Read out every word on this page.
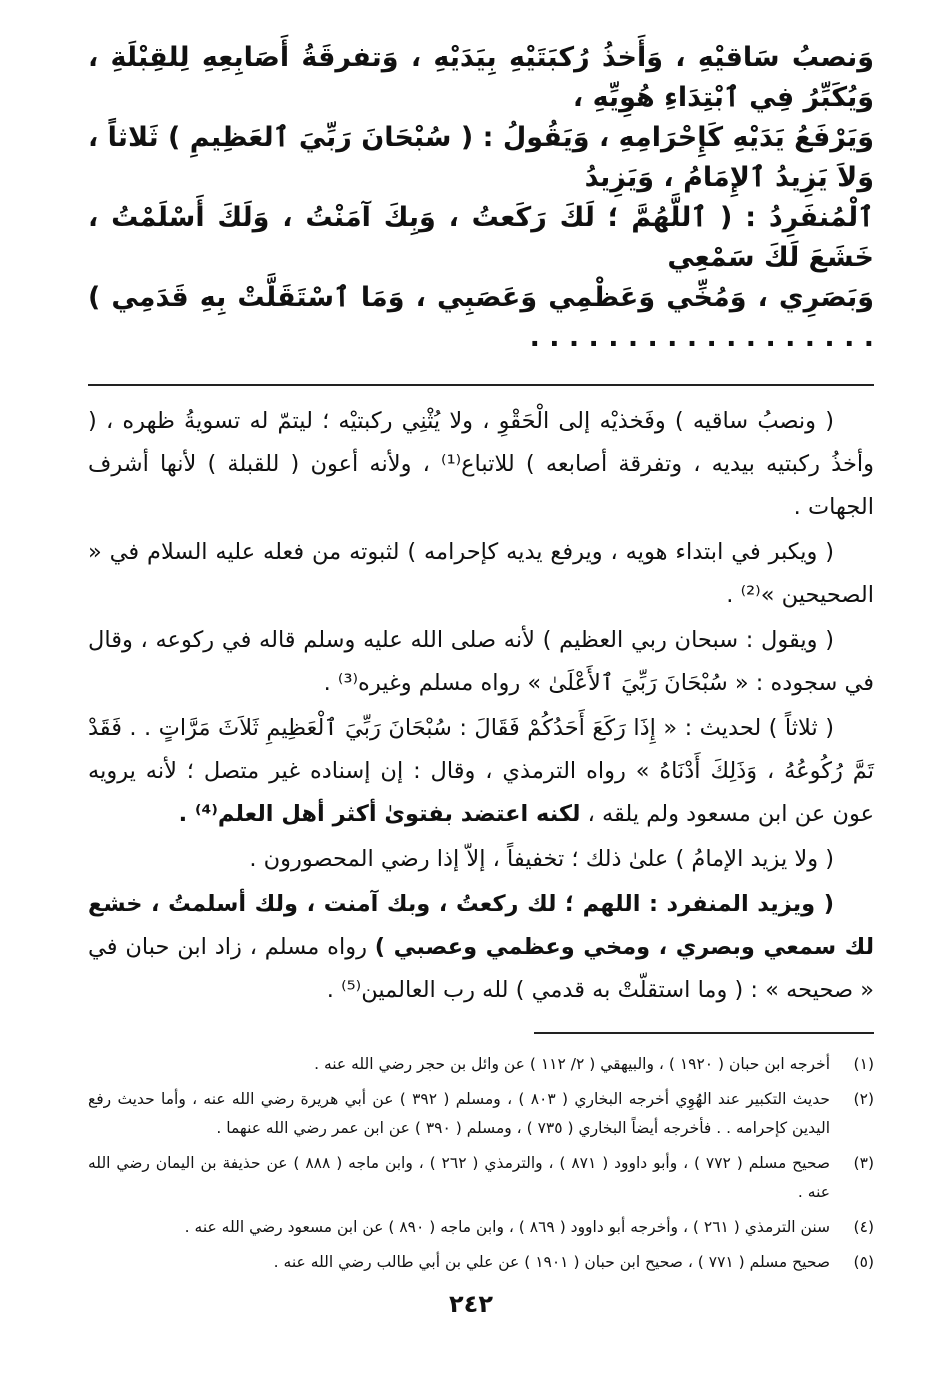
وَنصبُ سَاقيْهِ ، وَأَخذُ رُكبَتَيْهِ بِيَدَيْهِ ، وَتفرقَةُ أَصَابِعِهِ لِلقِبْلَةِ ، وَيُكَبِّرُ فِي ٱبْتِدَاءِ هُوِيِّهِ ،

وَيَرْفَعُ يَدَيْهِ كَإِحْرَامِهِ ، وَيَقُولُ : ( سُبْحَانَ رَبِّيَ ٱلعَظِيمِ ) ثَلاثاً ، وَلاَ يَزِيدُ ٱلإِمَامُ ، وَيَزِيدُ

ٱلْمُنفَرِدُ : ( ٱللَّهُمَّ ؛ لَكَ رَكَعتُ ، وَبِكَ آمَنْتُ ، وَلَكَ أَسْلَمْتُ ، خَشَعَ لَكَ سَمْعِي

وَبَصَرِي ، وَمُخِّي وَعَظْمِي وَعَصَبِي ، وَمَا ٱسْتَقَلَّتْ بِهِ قَدَمِي ) . . . . . . . . . . . . . . . . . .

( ونصبُ ساقيه ) وفَخذيْه إلى الْحَقْوِ ، ولا يُثْنِي ركبتيْه ؛ ليتمّ له تسويةُ ظهره ، ( وأخذُ ركبتيه بيديه ، وتفرقة أصابعه ) للاتباع⁽¹⁾ ، ولأنه أعون ( للقبلة ) لأنها أشرف الجهات .

( ويكبر في ابتداء هويه ، ويرفع يديه كإحرامه ) لثبوته من فعله عليه السلام في « الصحيحين »⁽²⁾ .

( ويقول : سبحان ربي العظيم ) لأنه صلى الله عليه وسلم قاله في ركوعه ، وقال في سجوده : « سُبْحَانَ رَبِّيَ ٱلأَعْلَىٰ » رواه مسلم وغيره⁽³⁾ .

( ثلاثاً ) لحديث : « إِذَا رَكَعَ أَحَدُكُمْ فَقَالَ : سُبْحَانَ رَبِّيَ ٱلْعَظِيمِ ثَلاَثَ مَرَّاتٍ . . فَقَدْ تَمَّ رُكُوعُهُ ، وَذَلِكَ أَدْنَاهُ » رواه الترمذي ، وقال : إن إسناده غير متصل ؛ لأنه يرويه عون عن ابن مسعود ولم يلقه ، لكنه اعتضد بفتوىٰ أكثر أهل العلم⁽⁴⁾ .

( ولا يزيد الإمامُ ) علىٰ ذلك ؛ تخفيفاً ، إلاّ إذا رضي المحصورون .

( ويزيد المنفرد : اللهم ؛ لك ركعتُ ، وبك آمنت ، ولك أسلمتُ ، خشع لك سمعي وبصري ، ومخي وعظمي وعصبي ) رواه مسلم ، زاد ابن حبان في « صحيحه » : ( وما استقلّتْ به قدمي ) لله رب العالمين⁽⁵⁾ .

(١)
أخرجه ابن حبان ( ١٩٢٠ ) ، والبيهقي ( ٢/ ١١٢ ) عن وائل بن حجر رضي الله عنه .
(٢)
حديث التكبير عند الهُوِي أخرجه البخاري ( ٨٠٣ ) ، ومسلم ( ٣٩٢ ) عن أبي هريرة رضي الله عنه ، وأما حديث رفع اليدين كإحرامه . . فأخرجه أيضاً البخاري ( ٧٣٥ ) ، ومسلم ( ٣٩٠ ) عن ابن عمر رضي الله عنهما .
(٣)
صحيح مسلم ( ٧٧٢ ) ، وأبو داوود ( ٨٧١ ) ، والترمذي ( ٢٦٢ ) ، وابن ماجه ( ٨٨٨ ) عن حذيفة بن اليمان رضي الله عنه .
(٤)
سنن الترمذي ( ٢٦١ ) ، وأخرجه أبو داوود ( ٨٦٩ ) ، وابن ماجه ( ٨٩٠ ) عن ابن مسعود رضي الله عنه .
(٥)
صحيح مسلم ( ٧٧١ ) ، صحيح ابن حبان ( ١٩٠١ ) عن علي بن أبي طالب رضي الله عنه .
٢٤٢
